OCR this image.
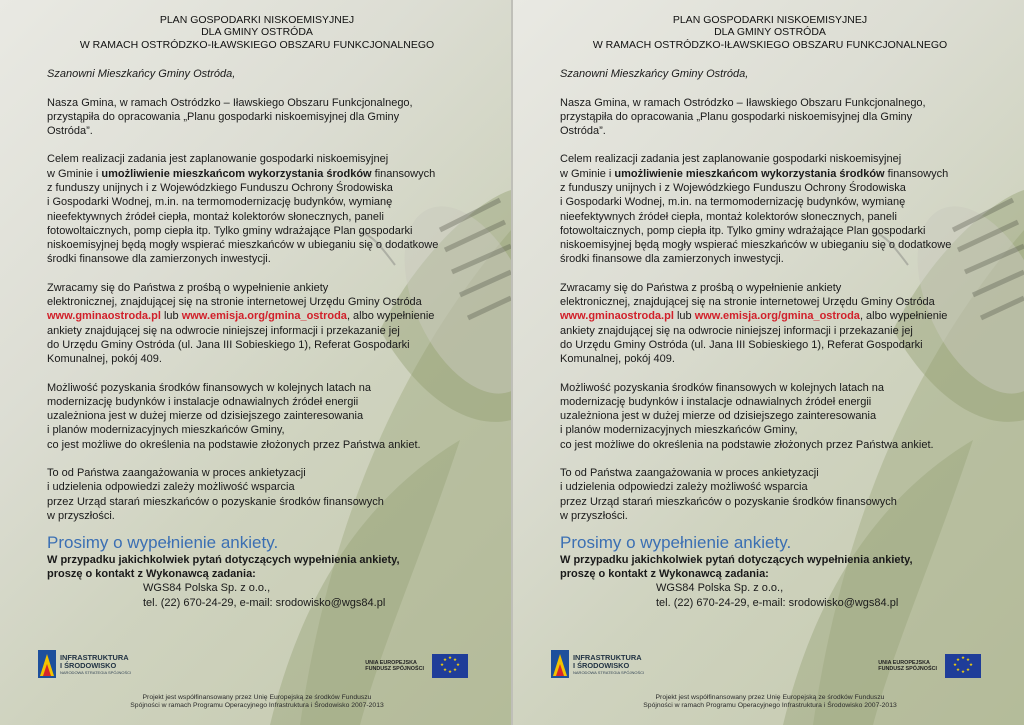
PLAN GOSPODARKI NISKOEMISYJNEJ
DLA GMINY OSTRÓDA
W RAMACH OSTRÓDZKO-IŁAWSKIEGO OBSZARU FUNKCJONALNEGO
Szanowni Mieszkańcy Gminy Ostróda,

Nasza Gmina, w ramach Ostródzko – Iławskiego Obszaru Funkcjonalnego,

przystąpiła do opracowania „Planu gospodarki niskoemisyjnej dla Gminy

Ostróda”.

Celem realizacji zadania jest zaplanowanie gospodarki niskoemisyjnej

w Gminie i umożliwienie mieszkańcom wykorzystania środków finansowych

z funduszy unijnych i z Wojewódzkiego Funduszu Ochrony Środowiska

i Gospodarki Wodnej, m.in. na termomodernizację budynków, wymianę

nieefektywnych źródeł ciepła, montaż kolektorów słonecznych, paneli

fotowoltaicznych, pomp ciepła itp. Tylko gminy wdrażające Plan gospodarki

niskoemisyjnej będą mogły wspierać mieszkańców w ubieganiu się o dodatkowe

środki finansowe dla zamierzonych inwestycji.

Zwracamy się do Państwa z prośbą o wypełnienie ankiety

elektronicznej, znajdującej się na stronie internetowej Urzędu Gminy Ostróda

www.gminaostroda.pl lub www.emisja.org/gmina_ostroda, albo wypełnienie

ankiety znajdującej się na odwrocie niniejszej informacji i przekazanie jej

do Urzędu Gminy Ostróda (ul. Jana III Sobieskiego 1), Referat Gospodarki

Komunalnej, pokój 409.

Możliwość pozyskania środków finansowych w kolejnych latach na

modernizację budynków i instalacje odnawialnych źródeł energii

uzależniona jest w dużej mierze od dzisiejszego zainteresowania

i planów modernizacyjnych mieszkańców Gminy,

co jest możliwe do określenia na podstawie złożonych przez Państwa ankiet.

To od Państwa zaangażowania w proces ankietyzacji

i udzielenia odpowiedzi zależy możliwość wsparcia

przez Urząd starań mieszkańców o pozyskanie środków finansowych

w przyszłości.

Prosimy o wypełnienie ankiety.
W przypadku jakichkolwiek pytań dotyczących wypełnienia ankiety,
proszę o kontakt z Wykonawcą zadania:
WGS84 Polska Sp. z o.o.,
tel. (22) 670-24-29, e-mail: srodowisko@wgs84.pl
INFRASTRUKTURA
I ŚRODOWISKO
NARODOWA STRATEGIA SPÓJNOŚCI
UNIA EUROPEJSKA
FUNDUSZ SPÓJNOŚCI
★ ★
★
★
★
★
★
★
Projekt jest współfinansowany przez Unię Europejską ze środków Funduszu
Spójności w ramach Programu Operacyjnego Infrastruktura i Środowisko 2007-2013
PLAN GOSPODARKI NISKOEMISYJNEJ
DLA GMINY OSTRÓDA
W RAMACH OSTRÓDZKO-IŁAWSKIEGO OBSZARU FUNKCJONALNEGO
Szanowni Mieszkańcy Gminy Ostróda,

Nasza Gmina, w ramach Ostródzko – Iławskiego Obszaru Funkcjonalnego,

przystąpiła do opracowania „Planu gospodarki niskoemisyjnej dla Gminy

Ostróda”.

Celem realizacji zadania jest zaplanowanie gospodarki niskoemisyjnej

w Gminie i umożliwienie mieszkańcom wykorzystania środków finansowych

z funduszy unijnych i z Wojewódzkiego Funduszu Ochrony Środowiska

i Gospodarki Wodnej, m.in. na termomodernizację budynków, wymianę

nieefektywnych źródeł ciepła, montaż kolektorów słonecznych, paneli

fotowoltaicznych, pomp ciepła itp. Tylko gminy wdrażające Plan gospodarki

niskoemisyjnej będą mogły wspierać mieszkańców w ubieganiu się o dodatkowe

środki finansowe dla zamierzonych inwestycji.

Zwracamy się do Państwa z prośbą o wypełnienie ankiety

elektronicznej, znajdującej się na stronie internetowej Urzędu Gminy Ostróda

www.gminaostroda.pl lub www.emisja.org/gmina_ostroda, albo wypełnienie

ankiety znajdującej się na odwrocie niniejszej informacji i przekazanie jej

do Urzędu Gminy Ostróda (ul. Jana III Sobieskiego 1), Referat Gospodarki

Komunalnej, pokój 409.

Możliwość pozyskania środków finansowych w kolejnych latach na

modernizację budynków i instalacje odnawialnych źródeł energii

uzależniona jest w dużej mierze od dzisiejszego zainteresowania

i planów modernizacyjnych mieszkańców Gminy,

co jest możliwe do określenia na podstawie złożonych przez Państwa ankiet.

To od Państwa zaangażowania w proces ankietyzacji

i udzielenia odpowiedzi zależy możliwość wsparcia

przez Urząd starań mieszkańców o pozyskanie środków finansowych

w przyszłości.

Prosimy o wypełnienie ankiety.
W przypadku jakichkolwiek pytań dotyczących wypełnienia ankiety,
proszę o kontakt z Wykonawcą zadania:
WGS84 Polska Sp. z o.o.,
tel. (22) 670-24-29, e-mail: srodowisko@wgs84.pl
INFRASTRUKTURA
I ŚRODOWISKO
NARODOWA STRATEGIA SPÓJNOŚCI
UNIA EUROPEJSKA
FUNDUSZ SPÓJNOŚCI
★ ★
★
★
★
★
★
★
Projekt jest współfinansowany przez Unię Europejską ze środków Funduszu
Spójności w ramach Programu Operacyjnego Infrastruktura i Środowisko 2007-2013
